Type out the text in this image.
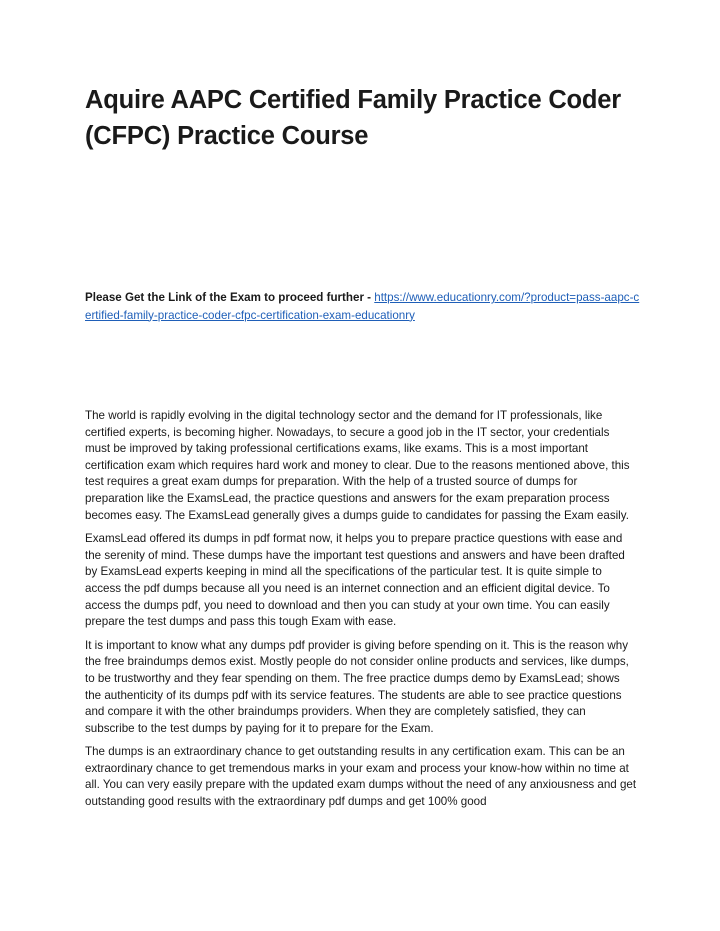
Aquire AAPC Certified Family Practice Coder (CFPC) Practice Course

Please Get the Link of the Exam to proceed further - https://www.educationry.com/?product=pass-aapc-certified-family-practice-coder-cfpc-certification-exam-educationry

The world is rapidly evolving in the digital technology sector and the demand for IT professionals, like certified experts, is becoming higher. Nowadays, to secure a good job in the IT sector, your credentials must be improved by taking professional certifications exams, like exams. This is a most important certification exam which requires hard work and money to clear. Due to the reasons mentioned above, this test requires a great exam dumps for preparation. With the help of a trusted source of dumps for preparation like the ExamsLead, the practice questions and answers for the exam preparation process becomes easy. The ExamsLead generally gives a dumps guide to candidates for passing the Exam easily.

ExamsLead offered its dumps in pdf format now, it helps you to prepare practice questions with ease and the serenity of mind. These dumps have the important test questions and answers and have been drafted by ExamsLead experts keeping in mind all the specifications of the particular test. It is quite simple to access the pdf dumps because all you need is an internet connection and an efficient digital device. To access the dumps pdf, you need to download and then you can study at your own time. You can easily prepare the test dumps and pass this tough Exam with ease.

It is important to know what any dumps pdf provider is giving before spending on it. This is the reason why the free braindumps demos exist. Mostly people do not consider online products and services, like dumps, to be trustworthy and they fear spending on them. The free practice dumps demo by ExamsLead; shows the authenticity of its dumps pdf with its service features. The students are able to see practice questions and compare it with the other braindumps providers. When they are completely satisfied, they can subscribe to the test dumps by paying for it to prepare for the Exam.

The dumps is an extraordinary chance to get outstanding results in any certification exam. This can be an extraordinary chance to get tremendous marks in your exam and process your know-how within no time at all. You can very easily prepare with the updated exam dumps without the need of any anxiousness and get outstanding good results with the extraordinary pdf dumps and get 100% good
